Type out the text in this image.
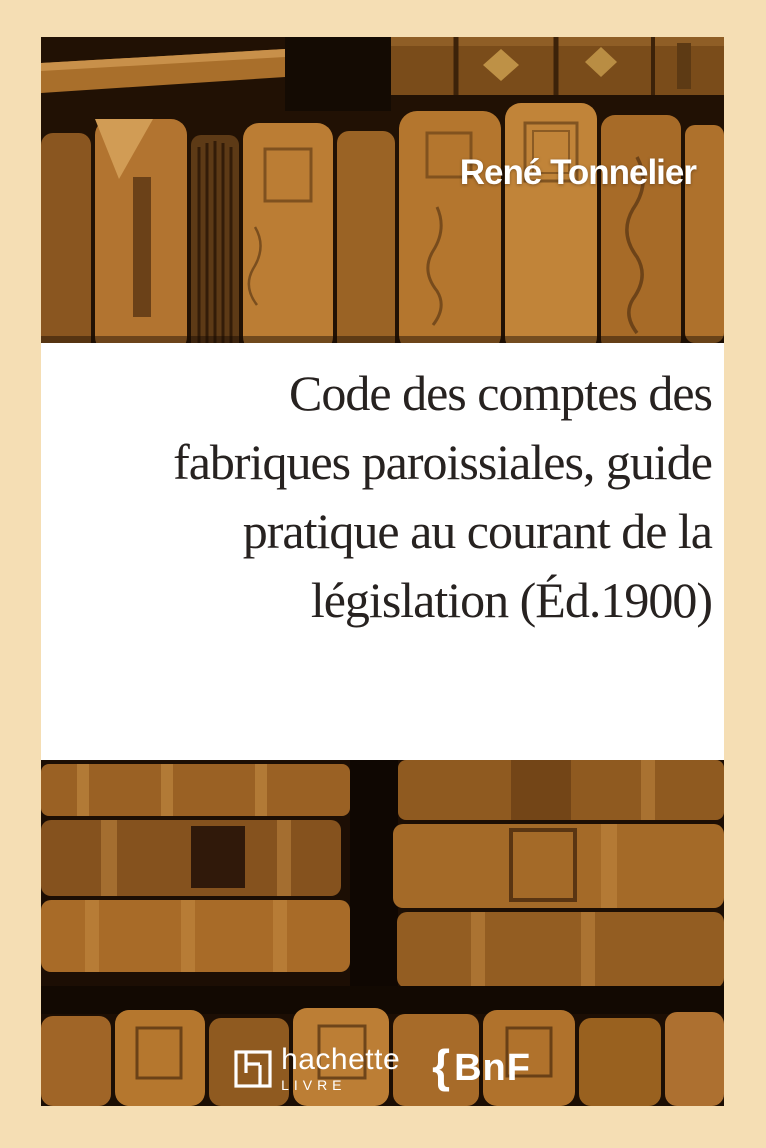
René Tonnelier
Code des comptes des
fabriques paroissiales, guide
pratique au courant de la
législation (Éd.1900)
hachette
LIVRE	{ BnF
